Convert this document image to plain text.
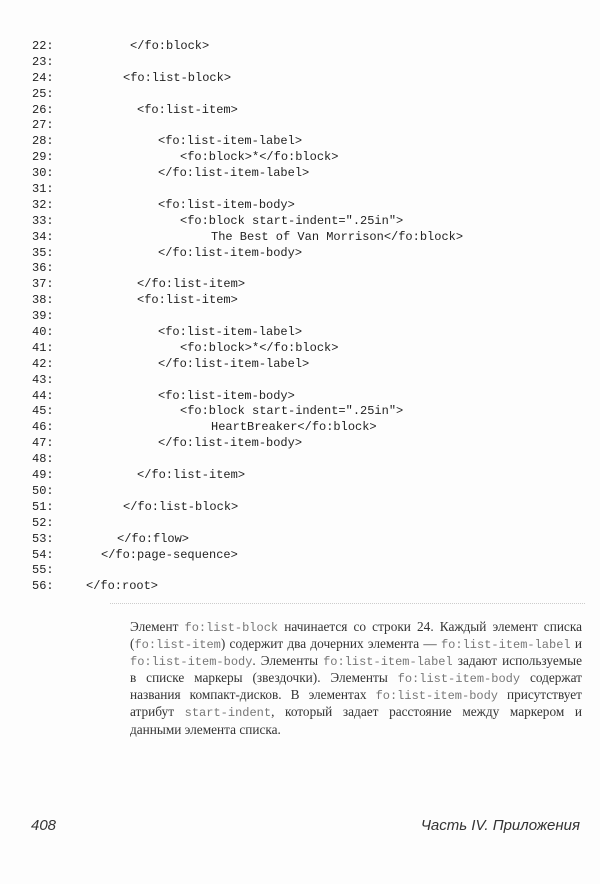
22:	</fo:block>
23:
24:	<fo:list-block>
25:
26:	<fo:list-item>
27:
28:	<fo:list-item-label>
29:	<fo:block>*</fo:block>
30:	</fo:list-item-label>
31:
32:	<fo:list-item-body>
33:	<fo:block start-indent=".25in">
34:	The Best of Van Morrison</fo:block>
35:	</fo:list-item-body>
36:
37:	</fo:list-item>
38:	<fo:list-item>
39:
40:	<fo:list-item-label>
41:	<fo:block>*</fo:block>
42:	</fo:list-item-label>
43:
44:	<fo:list-item-body>
45:	<fo:block start-indent=".25in">
46:	HeartBreaker</fo:block>
47:	</fo:list-item-body>
48:
49:	</fo:list-item>
50:
51:	</fo:list-block>
52:
53:	</fo:flow>
54:	</fo:page-sequence>
55:
56:	</fo:root>
Элемент fo:list-block начинается со строки 24. Каждый элемент списка (fo:list-item) содержит два дочерних элемента — fo:list-item-label и fo:list-item-body. Элементы fo:list-item-label задают используемые в списке маркеры (звездочки). Элементы fo:list-item-body содержат названия компакт-дисков. В элементах fo:list-item-body присутствует атрибут start-indent, который задает расстояние между маркером и данными элемента списка.
408	Часть IV. Приложения
